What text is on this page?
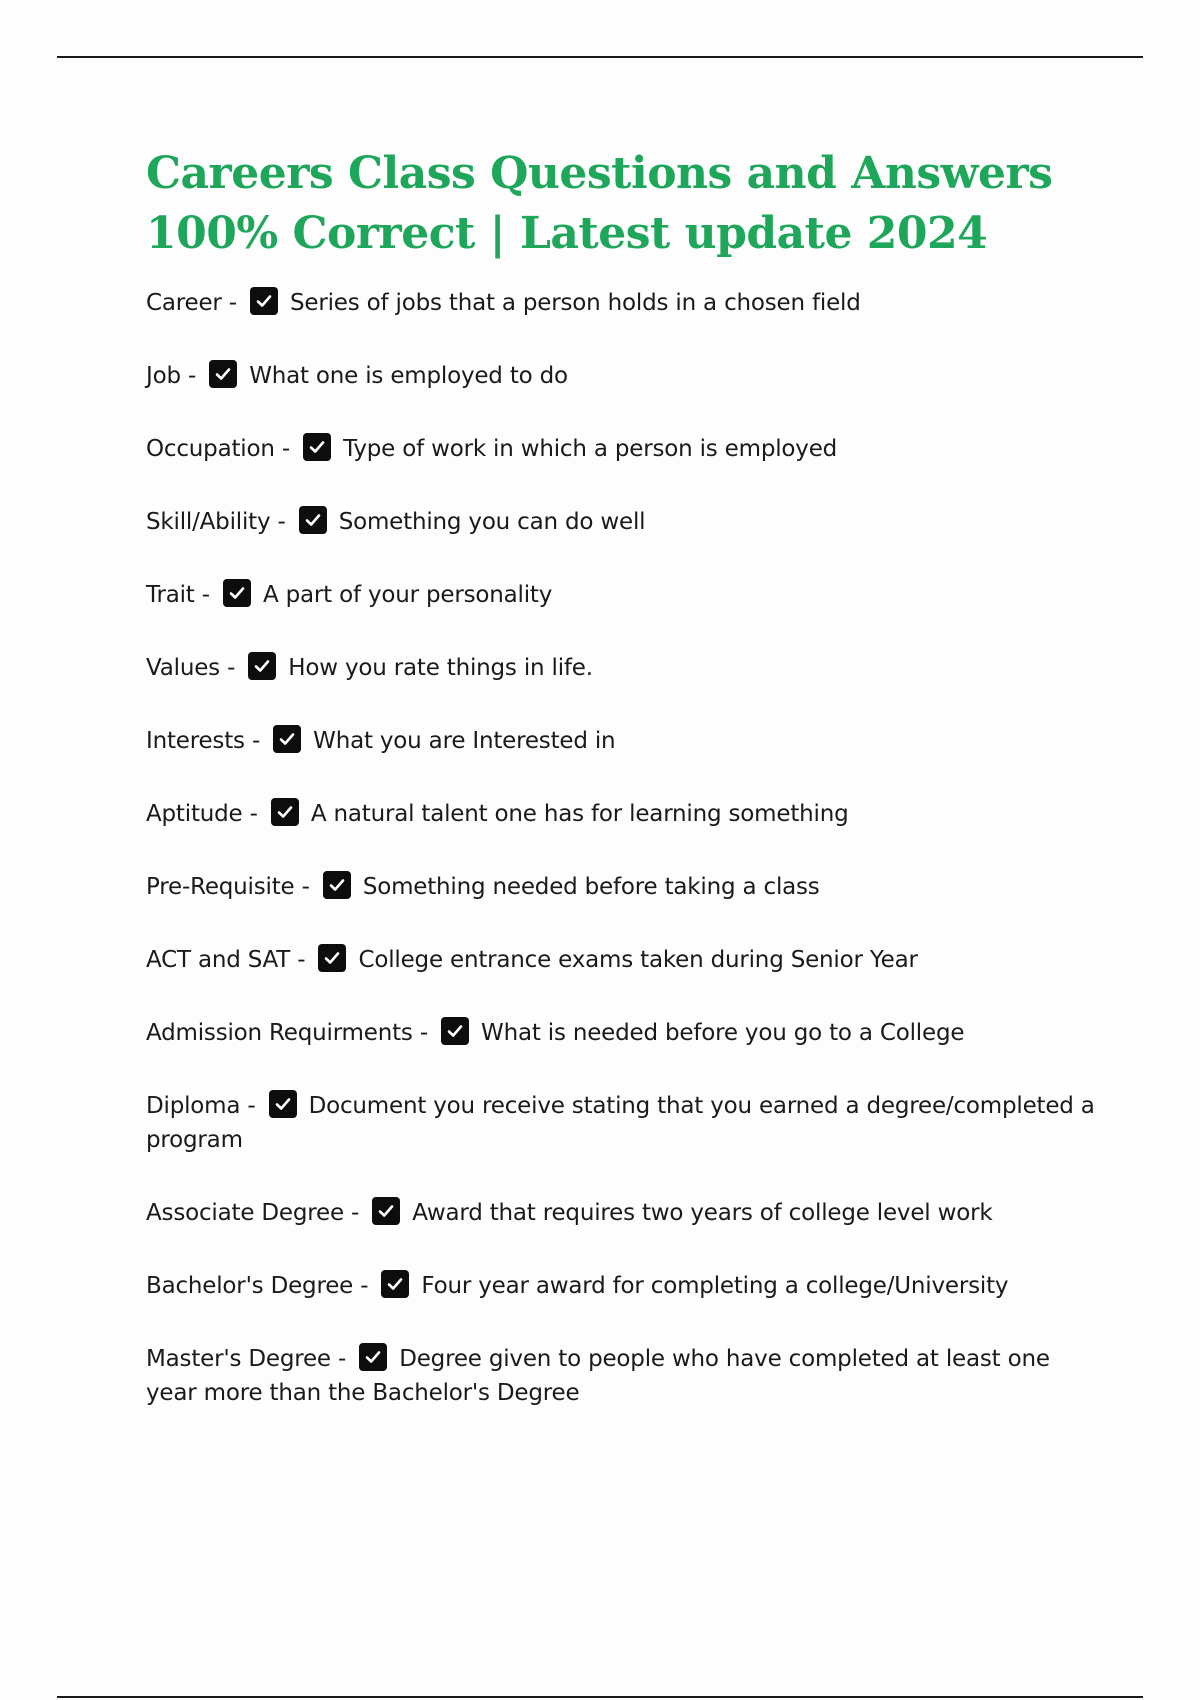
Careers Class Questions and Answers 100% Correct | Latest update 2024
Career -
Series of jobs that a person holds in a chosen field
Job -
What one is employed to do
Occupation -
Type of work in which a person is employed
Skill/Ability -
Something you can do well
Trait -
A part of your personality
Values -
How you rate things in life.
Interests -
What you are Interested in
Aptitude -
A natural talent one has for learning something
Pre-Requisite -
Something needed before taking a class
ACT and SAT -
College entrance exams taken during Senior Year
Admission Requirments -
What is needed before you go to a College
Diploma -
Document you receive stating that you earned a degree/completed a program
Associate Degree -
Award that requires two years of college level work
Bachelor's Degree -
Four year award for completing a college/University
Master's Degree -
Degree given to people who have completed at least one year more than the Bachelor's Degree
